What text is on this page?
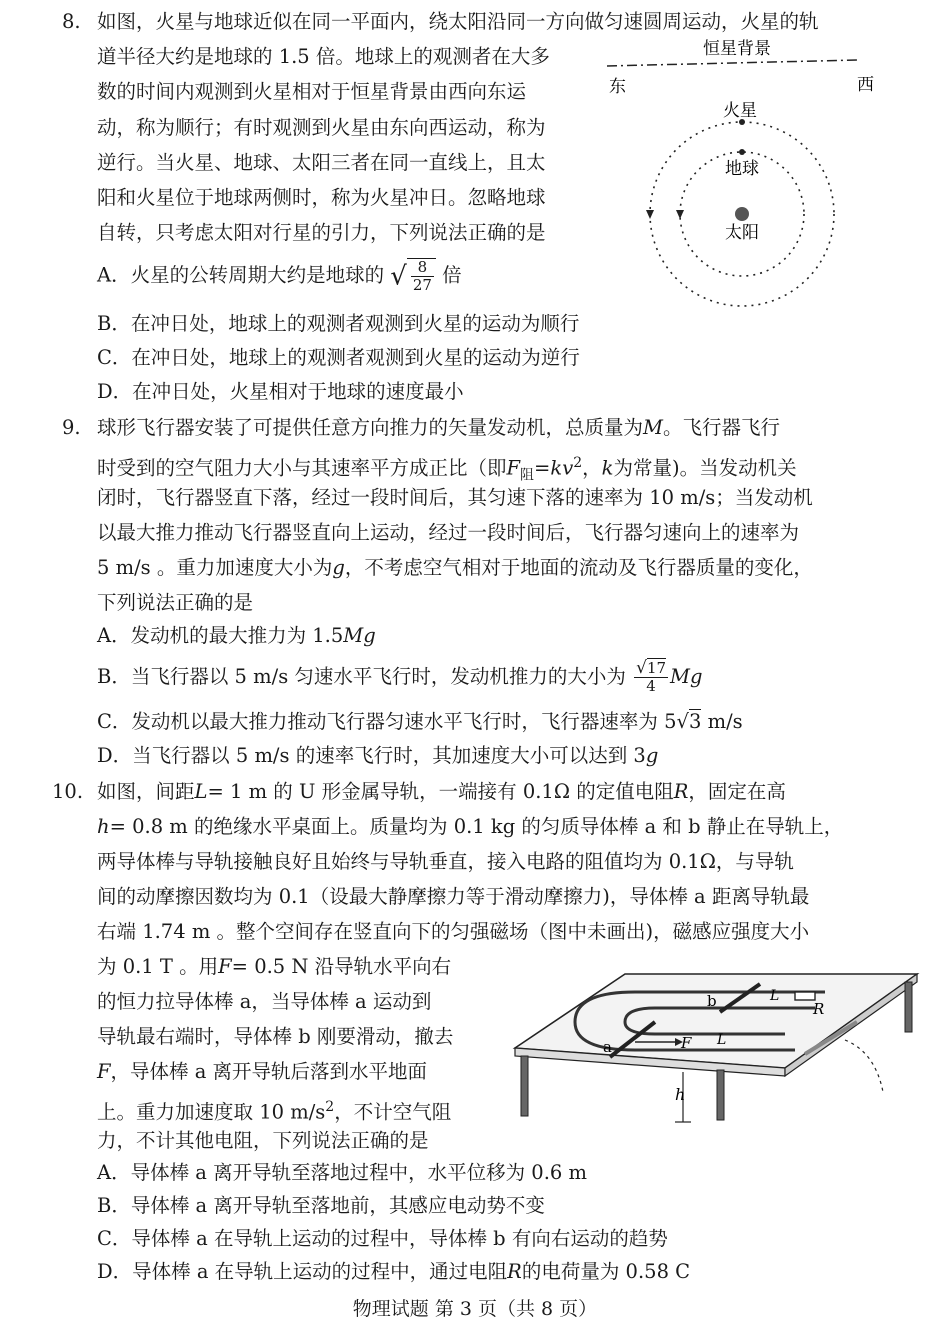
8. 如图，火星与地球近似在同一平面内，绕太阳沿同一方向做匀速圆周运动，火星的轨
道半径大约是地球的 1.5 倍。地球上的观测者在大多
数的时间内观测到火星相对于恒星背景由西向东运
动，称为顺行；有时观测到火星由东向西运动，称为
逆行。当火星、地球、太阳三者在同一直线上，且太
阳和火星位于地球两侧时，称为火星冲日。忽略地球
自转，只考虑太阳对行星的引力，下列说法正确的是
A．火星的公转周期大约是地球的 √ $\frac{8}{27}$ 倍
B．在冲日处，地球上的观测者观测到火星的运动为顺行
C．在冲日处，地球上的观测者观测到火星的运动为逆行
D．在冲日处，火星相对于地球的速度最小
恒星背景
东	西
火星
地球
太阳
9. 球形飞行器安装了可提供任意方向推力的矢量发动机，总质量为M。飞行器飞行
时受到的空气阻力大小与其速率平方成正比（即$F_阻=kv^2$，k为常量)。当发动机关
闭时，飞行器竖直下落，经过一段时间后，其匀速下落的速率为 10 m/s；当发动机
以最大推力推动飞行器竖直向上运动，经过一段时间后，飞行器匀速向上的速率为
5 m/s 。重力加速度大小为g，不考虑空气相对于地面的流动及飞行器质量的变化，
下列说法正确的是
A．发动机的最大推力为 1.5Mg
B．当飞行器以 5 m/s 匀速水平飞行时，发动机推力的大小为 $\frac{√17}{4}$ Mg
C．发动机以最大推力推动飞行器匀速水平飞行时，飞行器速率为 5√3 m/s
D．当飞行器以 5 m/s 的速率飞行时，其加速度大小可以达到 3g
10. 如图，间距L= 1 m 的 U 形金属导轨，一端接有 0.1Ω 的定值电阻R，固定在高
h= 0.8 m 的绝缘水平桌面上。质量均为 0.1 kg 的匀质导体棒 a 和 b 静止在导轨上，
两导体棒与导轨接触良好且始终与导轨垂直，接入电路的阻值均为 0.1Ω，与导轨
间的动摩擦因数均为 0.1（设最大静摩擦力等于滑动摩擦力)，导体棒 a 距离导轨最
右端 1.74 m 。整个空间存在竖直向下的匀强磁场（图中未画出)，磁感应强度大小
为 0.1 T 。用F= 0.5 N 沿导轨水平向右
的恒力拉导体棒 a，当导体棒 a 运动到
导轨最右端时，导体棒 b 刚要滑动，撤去
F，导体棒 a 离开导轨后落到水平地面
上。重力加速度取 10 $m/s^2$，不计空气阻
力，不计其他电阻，下列说法正确的是
A．导体棒 a 离开导轨至落地过程中，水平位移为 0.6 m
B．导体棒 a 离开导轨至落地前，其感应电动势不变
C．导体棒 a 在导轨上运动的过程中，导体棒 b 有向右运动的趋势
D．导体棒 a 在导轨上运动的过程中，通过电阻R的电荷量为 0.58 C
h
a
b
F
L
L
R
物理试题 第 3 页（共 8 页）
